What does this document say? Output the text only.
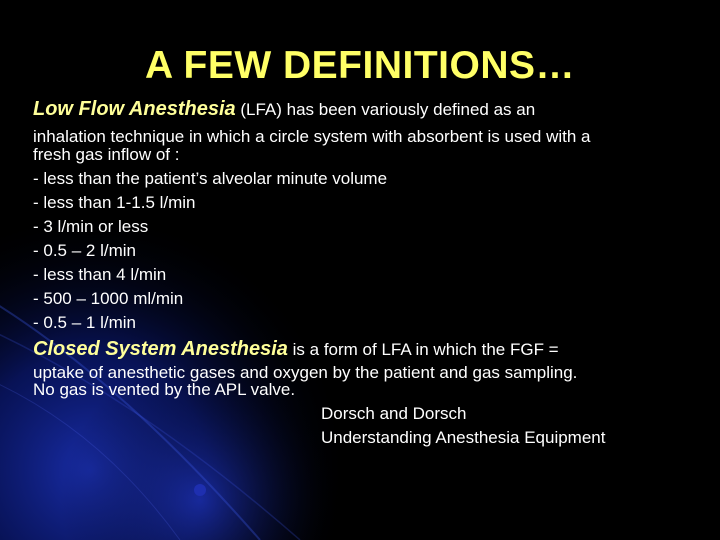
A FEW DEFINITIONS…
Low Flow Anesthesia (LFA) has been variously defined as an
inhalation technique in which a circle system with absorbent is used with a
fresh gas inflow of :
- less than the patient’s alveolar minute volume
- less than 1-1.5 l/min
- 3 l/min or less
- 0.5 – 2 l/min
- less than 4 l/min
- 500 – 1000 ml/min
- 0.5 – 1 l/min
Closed System Anesthesia is a form of LFA in which the FGF =
uptake of anesthetic gases and oxygen by the patient and gas sampling.
No gas is vented by the APL valve.
Dorsch and Dorsch
Understanding Anesthesia Equipment
